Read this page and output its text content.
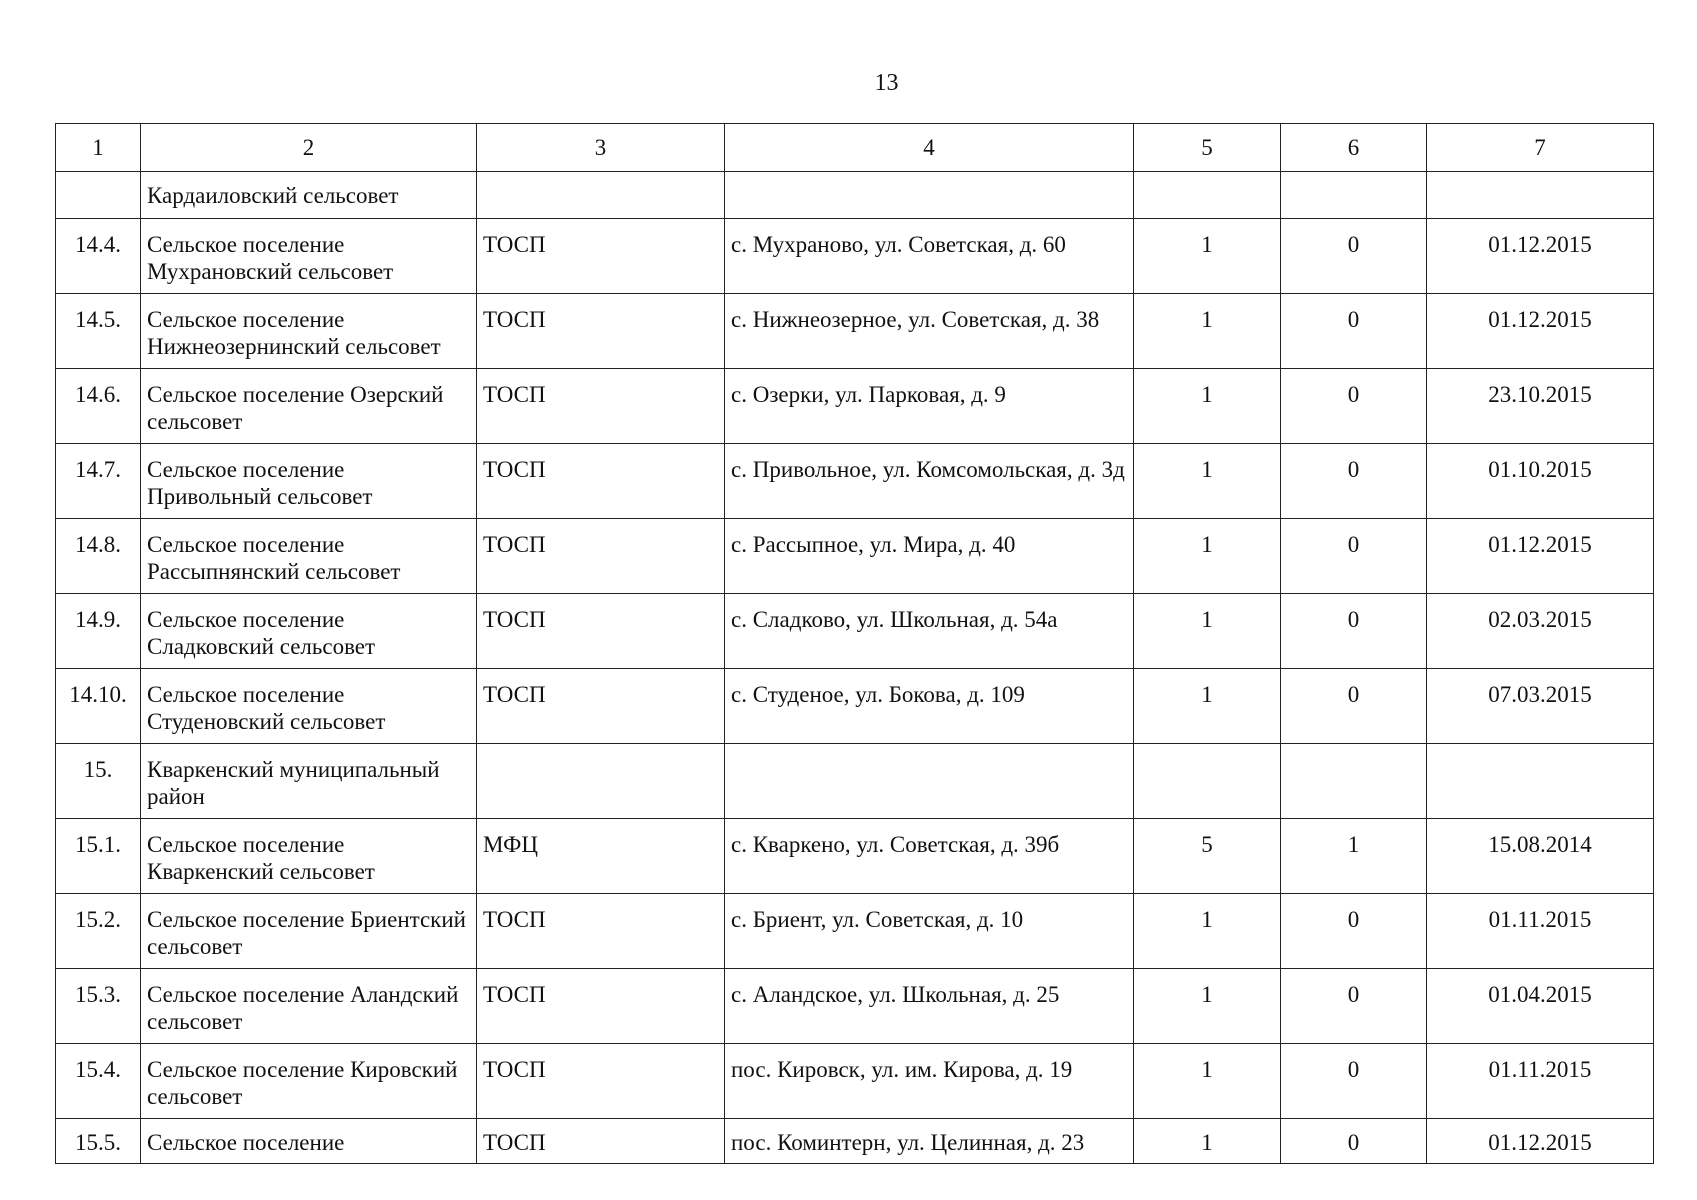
13
1	2	3	4	5	6	7
	Кардаиловский сельсовет					
14.4.	Сельское поселение Мухрановский сельсовет	ТОСП	с. Мухраново, ул. Советская, д. 60	1	0	01.12.2015
14.5.	Сельское поселение Нижнеозернинский сельсовет	ТОСП	с. Нижнеозерное, ул. Советская, д. 38	1	0	01.12.2015
14.6.	Сельское поселение Озерский сельсовет	ТОСП	с. Озерки, ул. Парковая, д. 9	1	0	23.10.2015
14.7.	Сельское поселение Привольный сельсовет	ТОСП	с. Привольное, ул. Комсомольская, д. 3д	1	0	01.10.2015
14.8.	Сельское поселение Рассыпнянский сельсовет	ТОСП	с. Рассыпное, ул. Мира, д. 40	1	0	01.12.2015
14.9.	Сельское поселение Сладковский сельсовет	ТОСП	с. Сладково, ул. Школьная, д. 54а	1	0	02.03.2015
14.10.	Сельское поселение Студеновский сельсовет	ТОСП	с. Студеное, ул. Бокова, д. 109	1	0	07.03.2015
15.	Кваркенский муниципальный район					
15.1.	Сельское поселение Кваркенский сельсовет	МФЦ	с. Кваркено, ул. Советская, д. 39б	5	1	15.08.2014
15.2.	Сельское поселение Бриентский сельсовет	ТОСП	с. Бриент, ул. Советская, д. 10	1	0	01.11.2015
15.3.	Сельское поселение Аландский сельсовет	ТОСП	с. Аландское, ул. Школьная, д. 25	1	0	01.04.2015
15.4.	Сельское поселение Кировский сельсовет	ТОСП	пос. Кировск, ул. им. Кирова, д. 19	1	0	01.11.2015
15.5.	Сельское поселение	ТОСП	пос. Коминтерн, ул. Целинная, д. 23	1	0	01.12.2015
